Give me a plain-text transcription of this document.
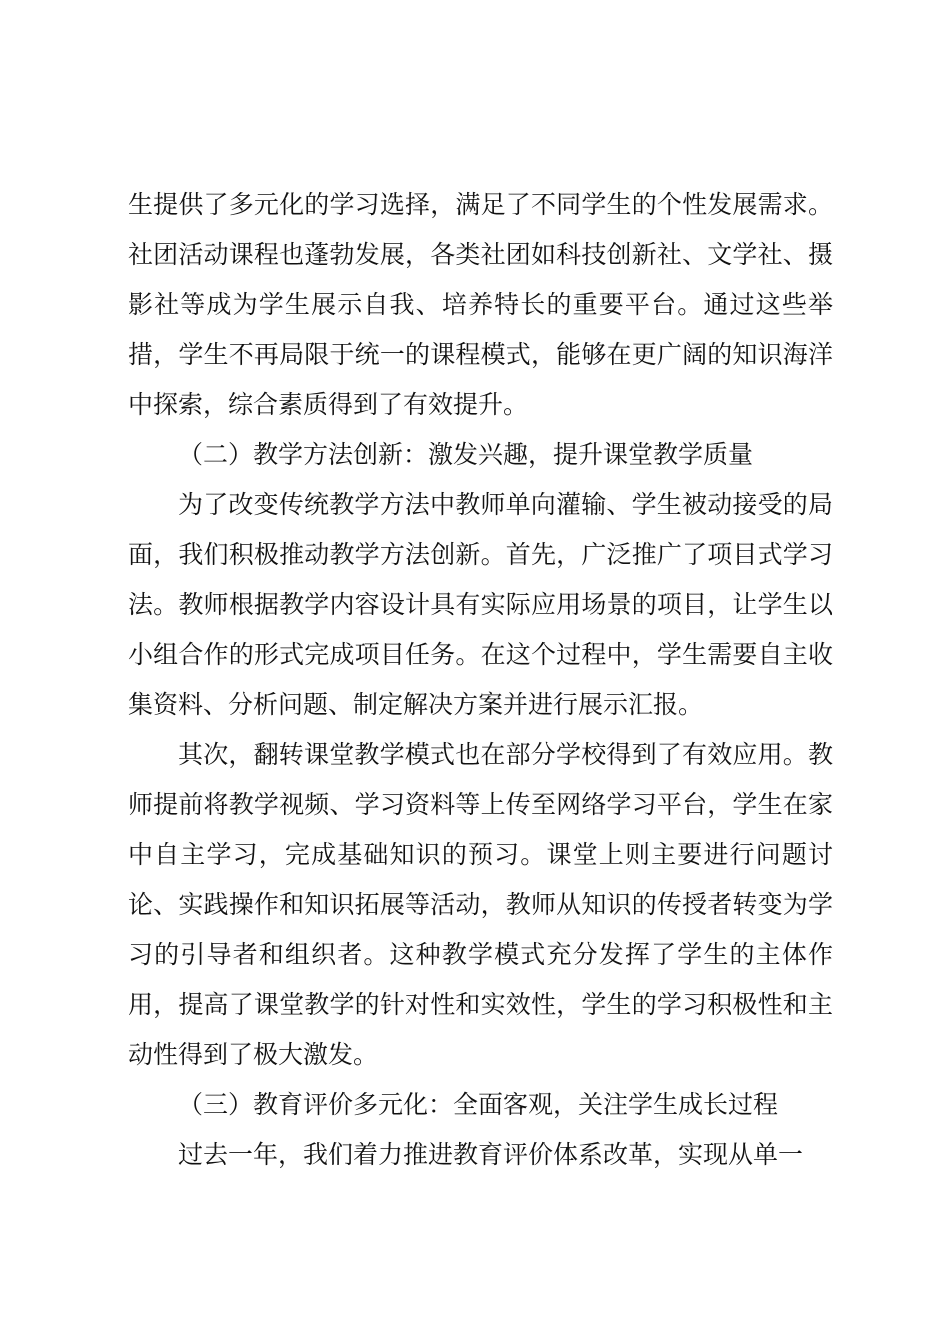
生提供了多元化的学习选择，满足了不同学生的个性发展需求。社团活动课程也蓬勃发展，各类社团如科技创新社、文学社、摄影社等成为学生展示自我、培养特长的重要平台。通过这些举措，学生不再局限于统一的课程模式，能够在更广阔的知识海洋中探索，综合素质得到了有效提升。

（二）教学方法创新：激发兴趣，提升课堂教学质量

为了改变传统教学方法中教师单向灌输、学生被动接受的局面，我们积极推动教学方法创新。首先，广泛推广了项目式学习法。教师根据教学内容设计具有实际应用场景的项目，让学生以小组合作的形式完成项目任务。在这个过程中，学生需要自主收集资料、分析问题、制定解决方案并进行展示汇报。

其次，翻转课堂教学模式也在部分学校得到了有效应用。教师提前将教学视频、学习资料等上传至网络学习平台，学生在家中自主学习，完成基础知识的预习。课堂上则主要进行问题讨论、实践操作和知识拓展等活动，教师从知识的传授者转变为学习的引导者和组织者。这种教学模式充分发挥了学生的主体作用，提高了课堂教学的针对性和实效性，学生的学习积极性和主动性得到了极大激发。

（三）教育评价多元化：全面客观，关注学生成长过程

过去一年，我们着力推进教育评价体系改革，实现从单一
